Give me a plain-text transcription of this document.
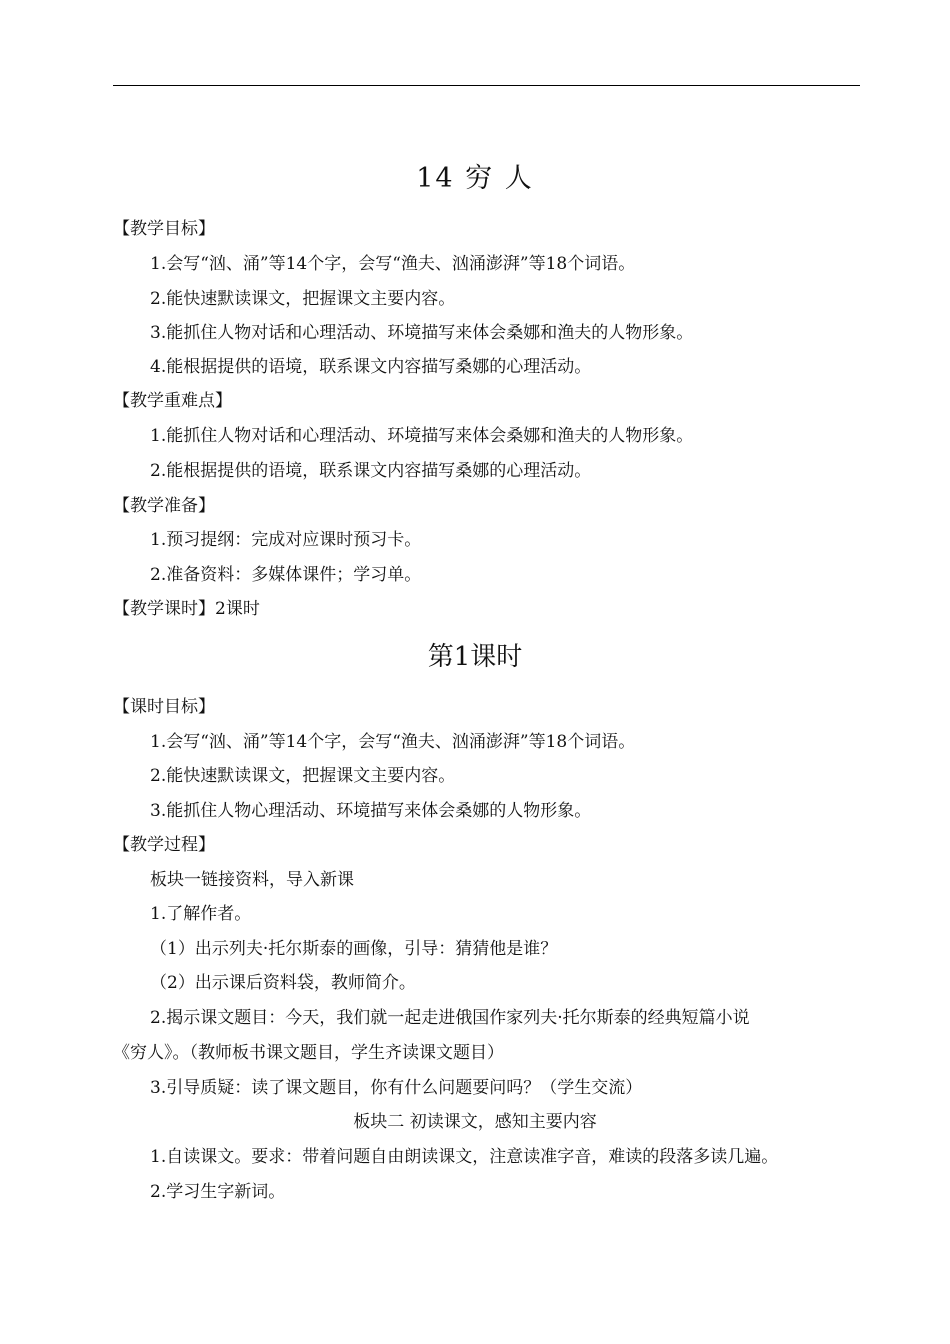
14 穷 人
【教学目标】
1.会写“汹、涌”等14个字，会写“渔夫、汹涌澎湃”等18个词语。
2.能快速默读课文，把握课文主要内容。
3.能抓住人物对话和心理活动、环境描写来体会桑娜和渔夫的人物形象。
4.能根据提供的语境，联系课文内容描写桑娜的心理活动。
【教学重难点】
1.能抓住人物对话和心理活动、环境描写来体会桑娜和渔夫的人物形象。
2.能根据提供的语境，联系课文内容描写桑娜的心理活动。
【教学准备】
1.预习提纲：完成对应课时预习卡。
2.准备资料：多媒体课件；学习单。
【教学课时】2课时
第1课时
【课时目标】
1.会写“汹、涌”等14个字，会写“渔夫、汹涌澎湃”等18个词语。
2.能快速默读课文，把握课文主要内容。
3.能抓住人物心理活动、环境描写来体会桑娜的人物形象。
【教学过程】
板块一链接资料，导入新课
1.了解作者。
（1）出示列夫·托尔斯泰的画像，引导：猜猜他是谁？
（2）出示课后资料袋，教师简介。
2.揭示课文题目：今天，我们就一起走进俄国作家列夫·托尔斯泰的经典短篇小说
《穷人》。（教师板书课文题目，学生齐读课文题目）
3.引导质疑：读了课文题目，你有什么问题要问吗？（学生交流）
板块二 初读课文，感知主要内容
1.自读课文。要求：带着问题自由朗读课文，注意读准字音，难读的段落多读几遍。
2.学习生字新词。
